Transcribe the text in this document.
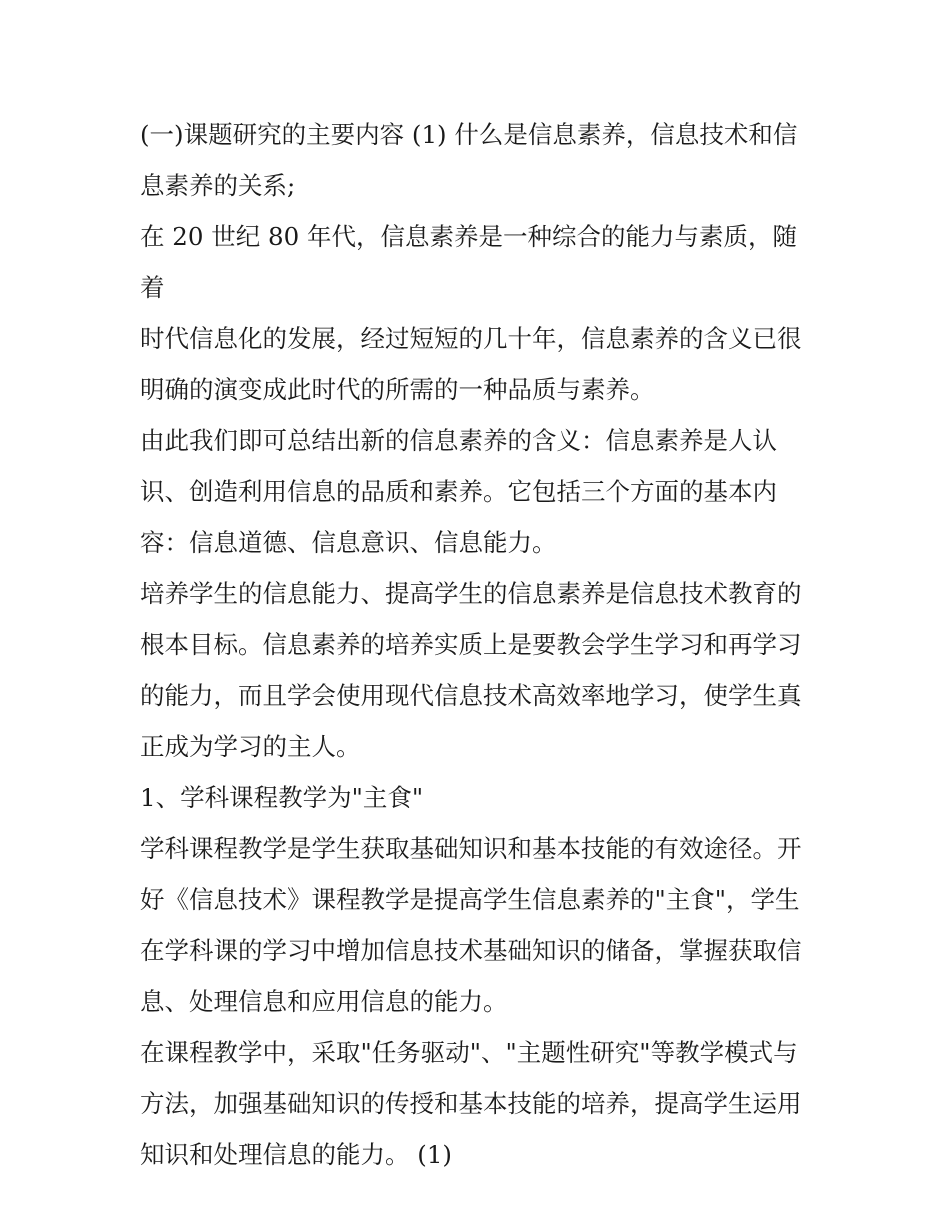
(一)课题研究的主要内容 (1) 什么是信息素养，信息技术和信
息素养的关系;

在 20 世纪 80 年代，信息素养是一种综合的能力与素质，随着
时代信息化的发展，经过短短的几十年，信息素养的含义已很
明确的演变成此时代的所需的一种品质与素养。

由此我们即可总结出新的信息素养的含义：信息素养是人认
识、创造利用信息的品质和素养。它包括三个方面的基本内
容：信息道德、信息意识、信息能力。

培养学生的信息能力、提高学生的信息素养是信息技术教育的
根本目标。信息素养的培养实质上是要教会学生学习和再学习
的能力，而且学会使用现代信息技术高效率地学习，使学生真
正成为学习的主人。

1、学科课程教学为"主食"

学科课程教学是学生获取基础知识和基本技能的有效途径。开
好《信息技术》课程教学是提高学生信息素养的"主食"，学生
在学科课的学习中增加信息技术基础知识的储备，掌握获取信
息、处理信息和应用信息的能力。

在课程教学中，采取"任务驱动"、"主题性研究"等教学模式与
方法，加强基础知识的传授和基本技能的培养，提高学生运用
知识和处理信息的能力。 (1)
